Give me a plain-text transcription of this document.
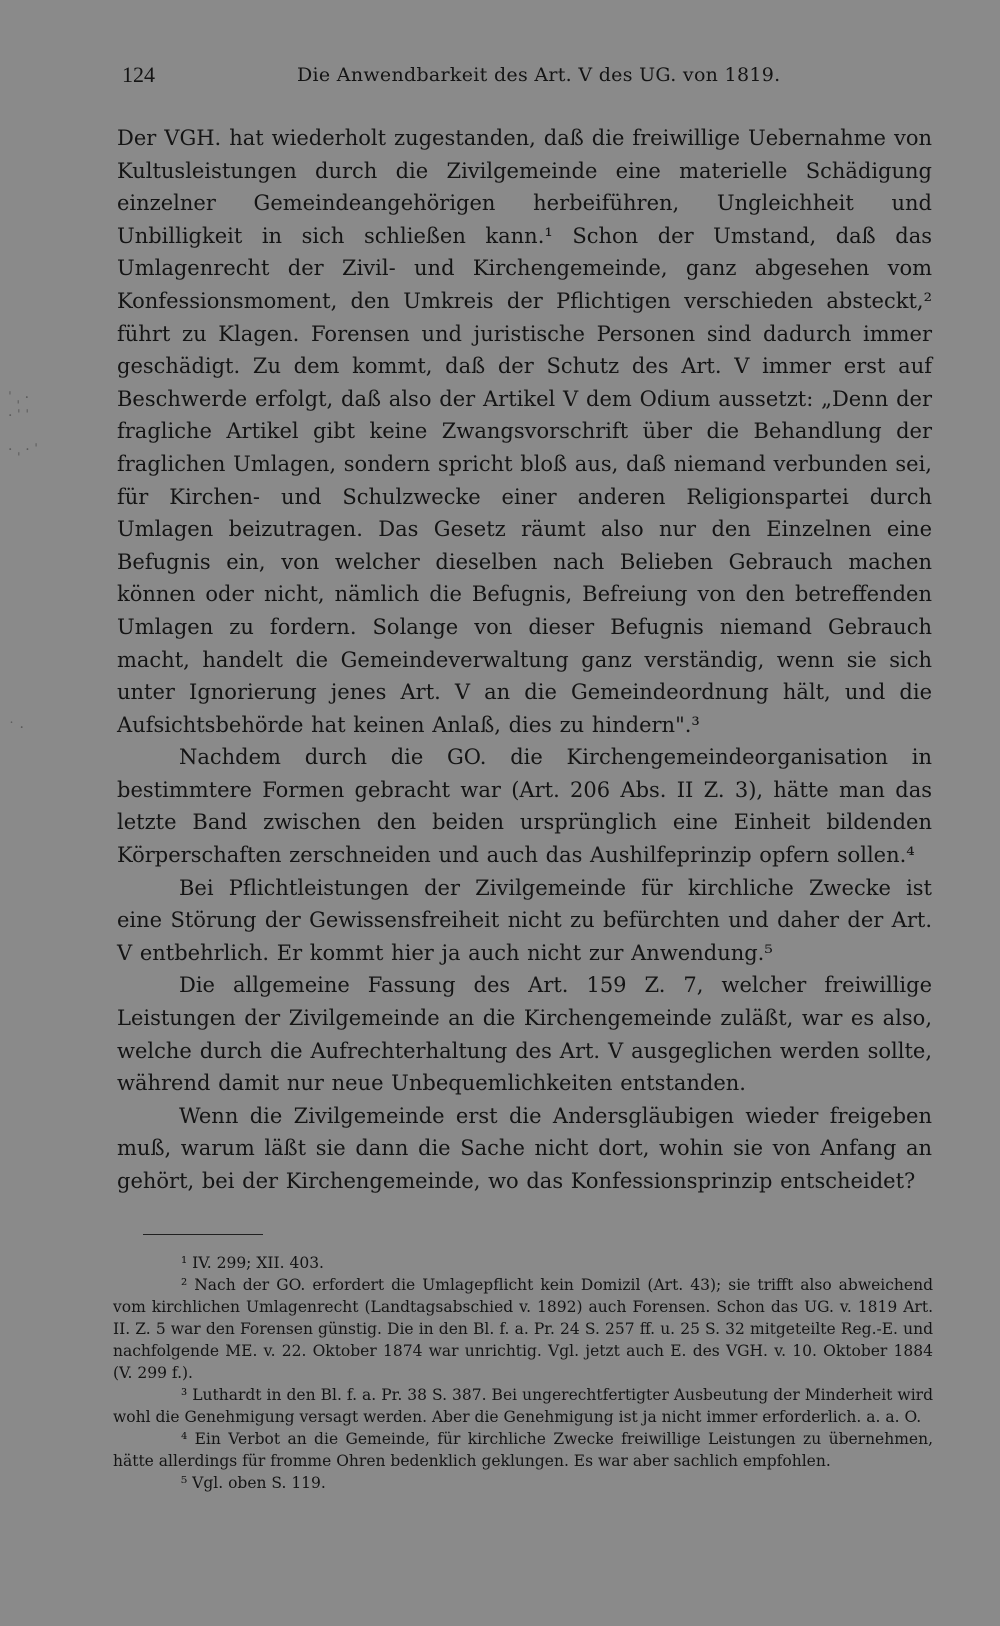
124	Die Anwendbarkeit des Art. V des UG. von 1819.
ˈ ˌ ·
· ˈ ˈ
· ˌ · ˈ
˙ ·

Der VGH. hat wiederholt zugestanden, daß die freiwillige Uebernahme von Kultusleistungen durch die Zivilgemeinde eine materielle Schädigung einzelner Gemeindeangehörigen herbeiführen, Ungleichheit und Unbilligkeit in sich schließen kann.¹ Schon der Umstand, daß das Umlagenrecht der Zivil- und Kirchengemeinde, ganz abgesehen vom Konfessionsmoment, den Umkreis der Pflichtigen verschieden absteckt,² führt zu Klagen. Forensen und juristische Personen sind dadurch immer geschädigt. Zu dem kommt, daß der Schutz des Art. V immer erst auf Beschwerde erfolgt, daß also der Artikel V dem Odium aussetzt: „Denn der fragliche Artikel gibt keine Zwangsvorschrift über die Behandlung der fraglichen Umlagen, sondern spricht bloß aus, daß niemand verbunden sei, für Kirchen- und Schulzwecke einer anderen Religionspartei durch Umlagen beizutragen. Das Gesetz räumt also nur den Einzelnen eine Befugnis ein, von welcher dieselben nach Belieben Gebrauch machen können oder nicht, nämlich die Befugnis, Befreiung von den betreffenden Umlagen zu fordern. Solange von dieser Befugnis niemand Gebrauch macht, handelt die Gemeindeverwaltung ganz verständig, wenn sie sich unter Ignorierung jenes Art. V an die Gemeindeordnung hält, und die Aufsichtsbehörde hat keinen Anlaß, dies zu hindern".³

Nachdem durch die GO. die Kirchengemeindeorganisation in bestimmtere Formen gebracht war (Art. 206 Abs. II Z. 3), hätte man das letzte Band zwischen den beiden ursprünglich eine Einheit bildenden Körperschaften zerschneiden und auch das Aushilfeprinzip opfern sollen.⁴

Bei Pflichtleistungen der Zivilgemeinde für kirchliche Zwecke ist eine Störung der Gewissensfreiheit nicht zu befürchten und daher der Art. V entbehrlich. Er kommt hier ja auch nicht zur Anwendung.⁵

Die allgemeine Fassung des Art. 159 Z. 7, welcher freiwillige Leistungen der Zivilgemeinde an die Kirchengemeinde zuläßt, war es also, welche durch die Aufrechterhaltung des Art. V ausgeglichen werden sollte, während damit nur neue Unbequemlichkeiten entstanden.

Wenn die Zivilgemeinde erst die Andersgläubigen wieder freigeben muß, warum läßt sie dann die Sache nicht dort, wohin sie von Anfang an gehört, bei der Kirchengemeinde, wo das Konfessionsprinzip entscheidet?

¹ IV. 299; XII. 403.

² Nach der GO. erfordert die Umlagepflicht kein Domizil (Art. 43); sie trifft also abweichend vom kirchlichen Umlagenrecht (Landtagsabschied v. 1892) auch Forensen. Schon das UG. v. 1819 Art. II. Z. 5 war den Forensen günstig. Die in den Bl. f. a. Pr. 24 S. 257 ff. u. 25 S. 32 mitgeteilte Reg.-E. und nachfolgende ME. v. 22. Oktober 1874 war unrichtig. Vgl. jetzt auch E. des VGH. v. 10. Oktober 1884 (V. 299 f.).

³ Luthardt in den Bl. f. a. Pr. 38 S. 387. Bei ungerechtfertigter Ausbeutung der Minderheit wird wohl die Genehmigung versagt werden. Aber die Genehmigung ist ja nicht immer erforderlich. a. a. O.

⁴ Ein Verbot an die Gemeinde, für kirchliche Zwecke freiwillige Leistungen zu übernehmen, hätte allerdings für fromme Ohren bedenklich geklungen. Es war aber sachlich empfohlen.

⁵ Vgl. oben S. 119.
